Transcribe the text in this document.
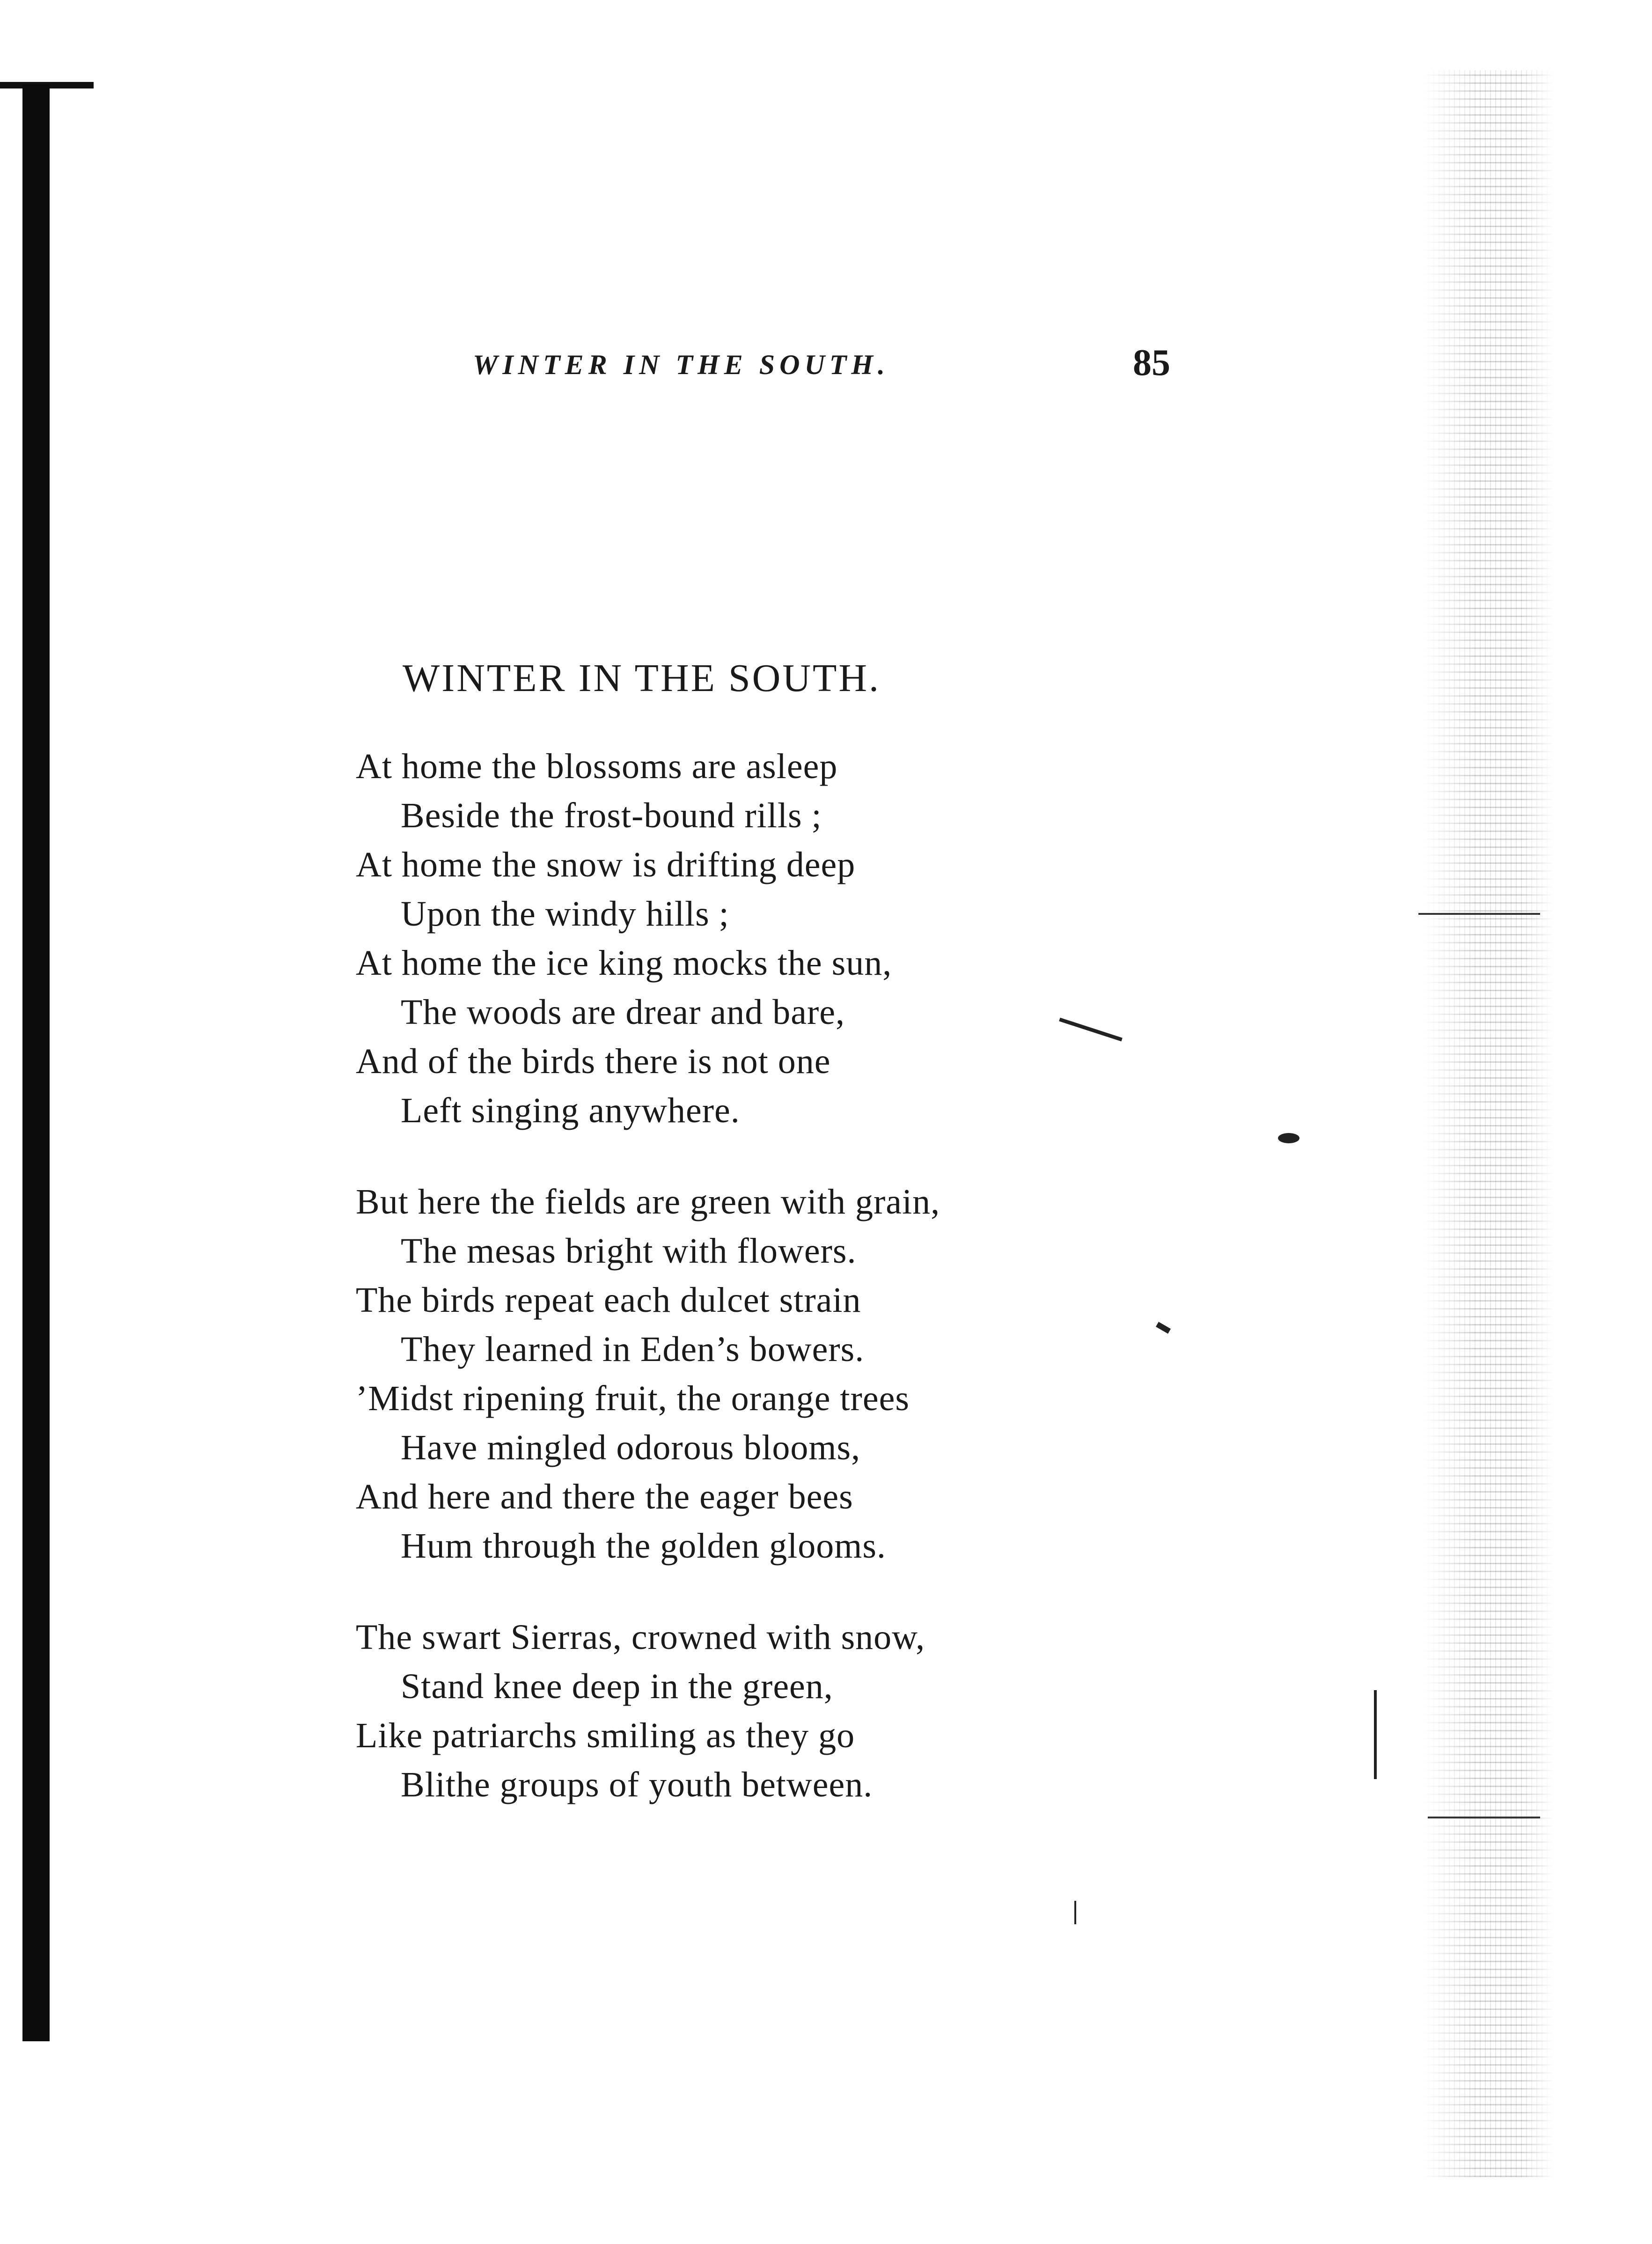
WINTER IN THE SOUTH.	85
WINTER IN THE SOUTH.
At home the blossoms are asleep
Beside the frost-bound rills ;
At home the snow is drifting deep
Upon the windy hills ;
At home the ice king mocks the sun,
The woods are drear and bare,
And of the birds there is not one
Left singing anywhere.
But here the fields are green with grain,
The mesas bright with flowers.
The birds repeat each dulcet strain
They learned in Eden’s bowers.
’Midst ripening fruit, the orange trees
Have mingled odorous blooms,
And here and there the eager bees
Hum through the golden glooms.
The swart Sierras, crowned with snow,
Stand knee deep in the green,
Like patriarchs smiling as they go
Blithe groups of youth between.
